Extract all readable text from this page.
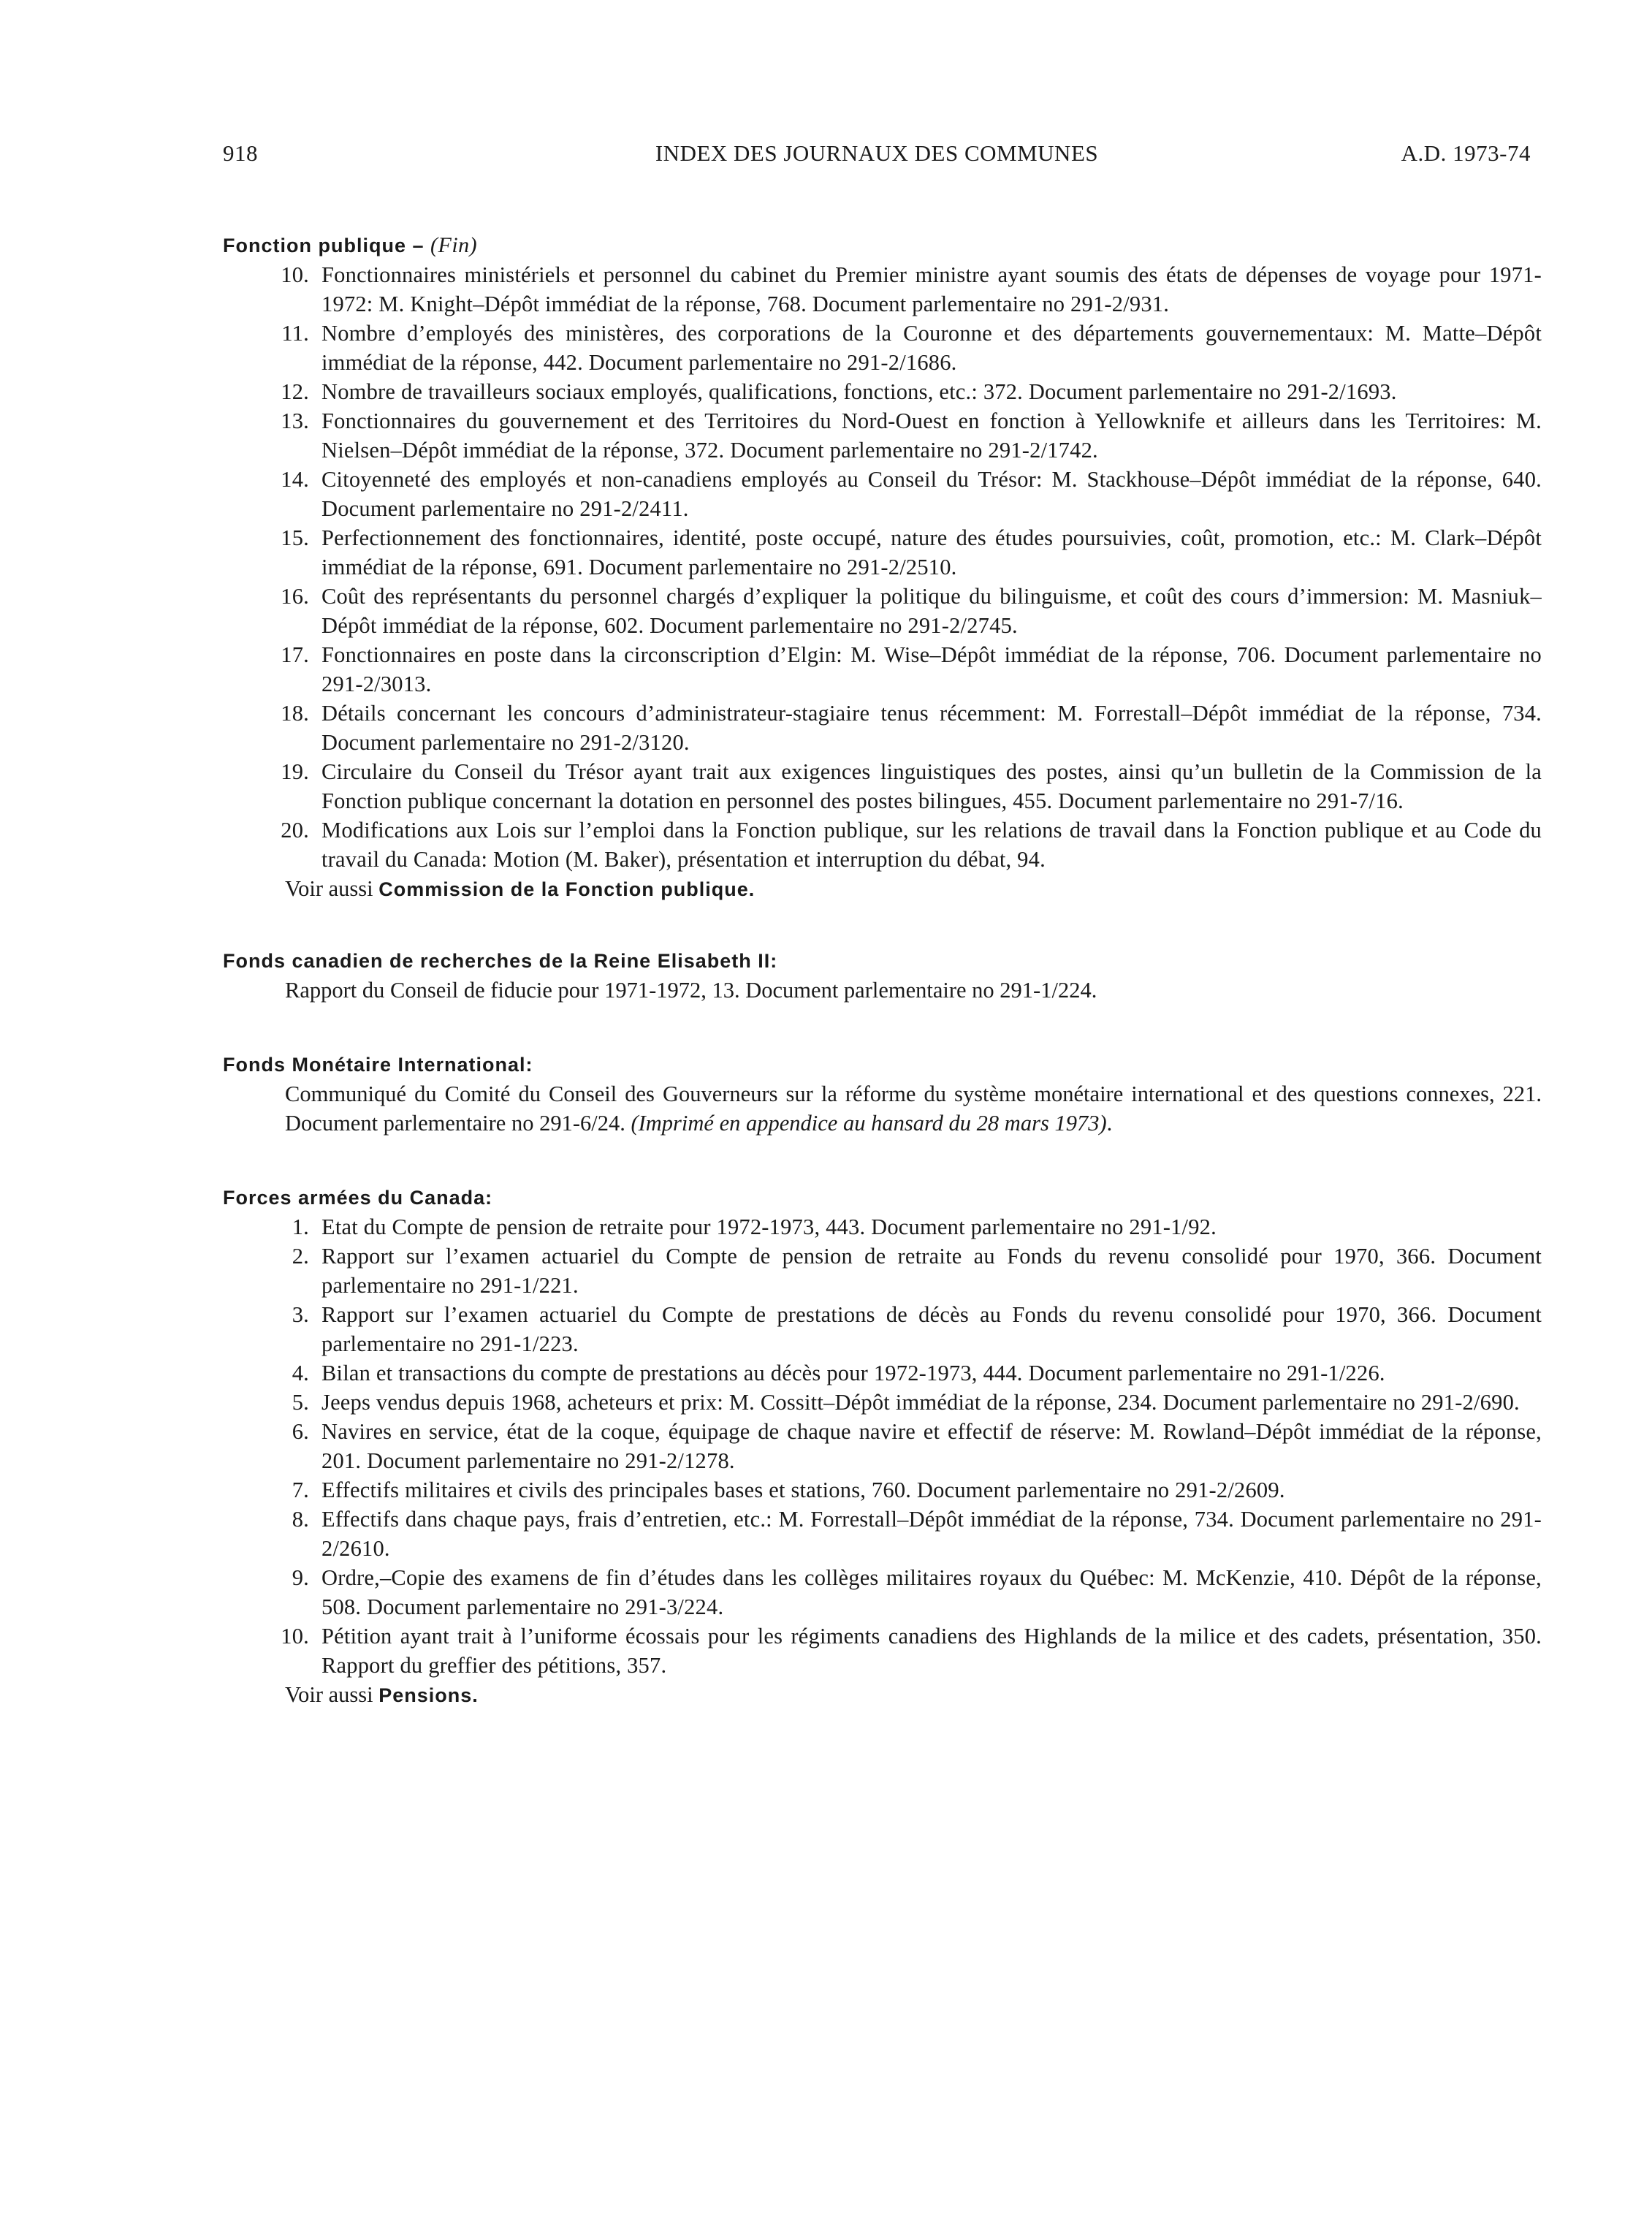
918	INDEX DES JOURNAUX DES COMMUNES	A.D. 1973-74

Fonction publique – (Fin)

10. Fonctionnaires ministériels et personnel du cabinet du Premier ministre ayant soumis des états de dépenses de voyage pour 1971-1972: M. Knight–Dépôt immédiat de la réponse, 768. Document parlementaire no 291-2/931.
11. Nombre d’employés des ministères, des corporations de la Couronne et des départements gouvernementaux: M. Matte–Dépôt immédiat de la réponse, 442. Document parlementaire no 291-2/1686.
12. Nombre de travailleurs sociaux employés, qualifications, fonctions, etc.: 372. Document parlementaire no 291-2/1693.
13. Fonctionnaires du gouvernement et des Territoires du Nord-Ouest en fonction à Yellowknife et ailleurs dans les Territoires: M. Nielsen–Dépôt immédiat de la réponse, 372. Document parlementaire no 291-2/1742.
14. Citoyenneté des employés et non-canadiens employés au Conseil du Trésor: M. Stackhouse–Dépôt immédiat de la réponse, 640. Document parlementaire no 291-2/2411.
15. Perfectionnement des fonctionnaires, identité, poste occupé, nature des études poursuivies, coût, promotion, etc.: M. Clark–Dépôt immédiat de la réponse, 691. Document parlementaire no 291-2/2510.
16. Coût des représentants du personnel chargés d’expliquer la politique du bilinguisme, et coût des cours d’immersion: M. Masniuk–Dépôt immédiat de la réponse, 602. Document parlementaire no 291-2/2745.
17. Fonctionnaires en poste dans la circonscription d’Elgin: M. Wise–Dépôt immédiat de la réponse, 706. Document parlementaire no 291-2/3013.
18. Détails concernant les concours d’administrateur-stagiaire tenus récemment: M. Forrestall–Dépôt immédiat de la réponse, 734. Document parlementaire no 291-2/3120.
19. Circulaire du Conseil du Trésor ayant trait aux exigences linguistiques des postes, ainsi qu’un bulletin de la Commission de la Fonction publique concernant la dotation en personnel des postes bilingues, 455. Document parlementaire no 291-7/16.
20. Modifications aux Lois sur l’emploi dans la Fonction publique, sur les relations de travail dans la Fonction publique et au Code du travail du Canada: Motion (M. Baker), présentation et interruption du débat, 94.
Voir aussi Commission de la Fonction publique.

Fonds canadien de recherches de la Reine Elisabeth II:

Rapport du Conseil de fiducie pour 1971-1972, 13. Document parlementaire no 291-1/224.

Fonds Monétaire International:

Communiqué du Comité du Conseil des Gouverneurs sur la réforme du système monétaire international et des questions connexes, 221. Document parlementaire no 291-6/24. (Imprimé en appendice au hansard du 28 mars 1973).

Forces armées du Canada:

1. Etat du Compte de pension de retraite pour 1972-1973, 443. Document parlementaire no 291-1/92.
2. Rapport sur l’examen actuariel du Compte de pension de retraite au Fonds du revenu consolidé pour 1970, 366. Document parlementaire no 291-1/221.
3. Rapport sur l’examen actuariel du Compte de prestations de décès au Fonds du revenu consolidé pour 1970, 366. Document parlementaire no 291-1/223.
4. Bilan et transactions du compte de prestations au décès pour 1972-1973, 444. Document parlementaire no 291-1/226.
5. Jeeps vendus depuis 1968, acheteurs et prix: M. Cossitt–Dépôt immédiat de la réponse, 234. Document parlementaire no 291-2/690.
6. Navires en service, état de la coque, équipage de chaque navire et effectif de réserve: M. Rowland–Dépôt immédiat de la réponse, 201. Document parlementaire no 291-2/1278.
7. Effectifs militaires et civils des principales bases et stations, 760. Document parlementaire no 291-2/2609.
8. Effectifs dans chaque pays, frais d’entretien, etc.: M. Forrestall–Dépôt immédiat de la réponse, 734. Document parlementaire no 291-2/2610.
9. Ordre,–Copie des examens de fin d’études dans les collèges militaires royaux du Québec: M. McKenzie, 410. Dépôt de la réponse, 508. Document parlementaire no 291-3/224.
10. Pétition ayant trait à l’uniforme écossais pour les régiments canadiens des Highlands de la milice et des cadets, présentation, 350. Rapport du greffier des pétitions, 357.
Voir aussi Pensions.
